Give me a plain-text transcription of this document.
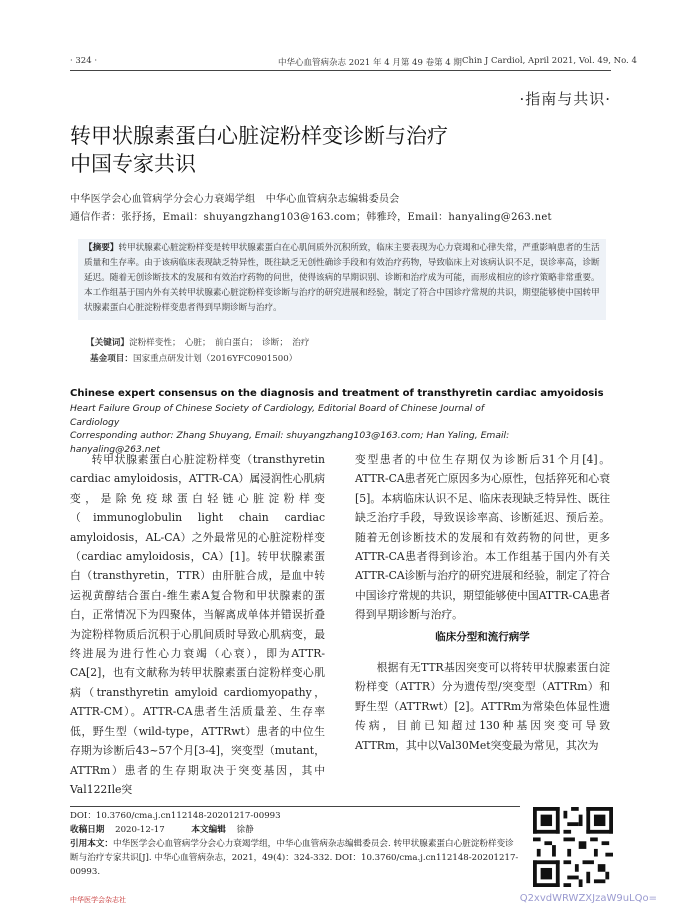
· 324 ·	中华心血管病杂志 2021 年 4 月第 49 卷第 4 期 Chin J Cardiol, April 2021, Vol. 49, No. 4
·指南与共识·
转甲状腺素蛋白心脏淀粉样变诊断与治疗
中国专家共识
中华医学会心血管病学分会心力衰竭学组　中华心血管病杂志编辑委员会
通信作者：张抒扬，Email：shuyangzhang103@163.com；韩雅玲，Email：hanyaling@263.net
【摘要】转甲状腺素心脏淀粉样变是转甲状腺素蛋白在心肌间质外沉积所致，临床主要表现为心力衰竭和心律失常，严重影响患者的生活质量和生存率。由于该病临床表现缺乏特异性，既往缺乏无创性确诊手段和有效治疗药物，导致临床上对该病认识不足，误诊率高，诊断延迟。随着无创诊断技术的发展和有效治疗药物的问世，使得该病的早期识别、诊断和治疗成为可能，而形成相应的诊疗策略非常重要。本工作组基于国内外有关转甲状腺素心脏淀粉样变诊断与治疗的研究进展和经验，制定了符合中国诊疗常规的共识，期望能够使中国转甲状腺素蛋白心脏淀粉样变患者得到早期诊断与治疗。
【关键词】淀粉样变性；　心脏；　前白蛋白；　诊断；　治疗
基金项目：国家重点研发计划（2016YFC0901500）
Chinese expert consensus on the diagnosis and treatment of transthyretin cardiac amyoidosis
Heart Failure Group of Chinese Society of Cardiology, Editorial Board of Chinese Journal of Cardiology
Corresponding author: Zhang Shuyang, Email: shuyangzhang103@163.com; Han Yaling, Email: hanyaling@263.net

转甲状腺素蛋白心脏淀粉样变（transthyretin cardiac amyloidosis，ATTR-CA）属浸润性心肌病变，是除免疫球蛋白轻链心脏淀粉样变（immunoglobulin light chain cardiac amyloidosis，AL-CA）之外最常见的心脏淀粉样变（cardiac amyloidosis，CA）[1]。转甲状腺素蛋白（transthyretin，TTR）由肝脏合成，是血中转运视黄醇结合蛋白-维生素A复合物和甲状腺素的蛋白，正常情况下为四聚体，当解离成单体并错误折叠为淀粉样物质后沉积于心肌间质时导致心肌病变，最终进展为进行性心力衰竭（心衰），即为ATTR-CA[2]，也有文献称为转甲状腺素蛋白淀粉样变心肌病（transthyretin amyloid cardiomyopathy，ATTR-CM）。ATTR-CA患者生活质量差、生存率低，野生型（wild-type，ATTRwt）患者的中位生存期为诊断后43~57个月[3-4]，突变型（mutant，ATTRm）患者的生存期取决于突变基因，其中Val122Ile突

变型患者的中位生存期仅为诊断后31个月[4]。ATTR-CA患者死亡原因多为心原性，包括猝死和心衰[5]。本病临床认识不足、临床表现缺乏特异性、既往缺乏治疗手段，导致误诊率高、诊断延迟、预后差。随着无创诊断技术的发展和有效药物的问世，更多ATTR-CA患者得到诊治。本工作组基于国内外有关ATTR-CA诊断与治疗的研究进展和经验，制定了符合中国诊疗常规的共识，期望能够使中国ATTR-CA患者得到早期诊断与治疗。

临床分型和流行病学

根据有无TTR基因突变可以将转甲状腺素蛋白淀粉样变（ATTR）分为遗传型/突变型（ATTRm）和野生型（ATTRwt）[2]。ATTRm为常染色体显性遗传病，目前已知超过130种基因突变可导致ATTRm，其中以Val30Met突变最为常见，其次为

DOI：10.3760/cma.j.cn112148-20201217-00993
收稿日期 2020-12-17	本文编辑 徐静
引用本文：中华医学会心血管病学分会心力衰竭学组，中华心血管病杂志编辑委员会. 转甲状腺素蛋白心脏淀粉样变诊断与治疗专家共识[J]. 中华心血管病杂志，2021，49(4)：324-332. DOI：10.3760/cma.j.cn112148-20201217-00993.
中华医学会杂志社	Q2xvdWRWZXJzaW9uLQo=
